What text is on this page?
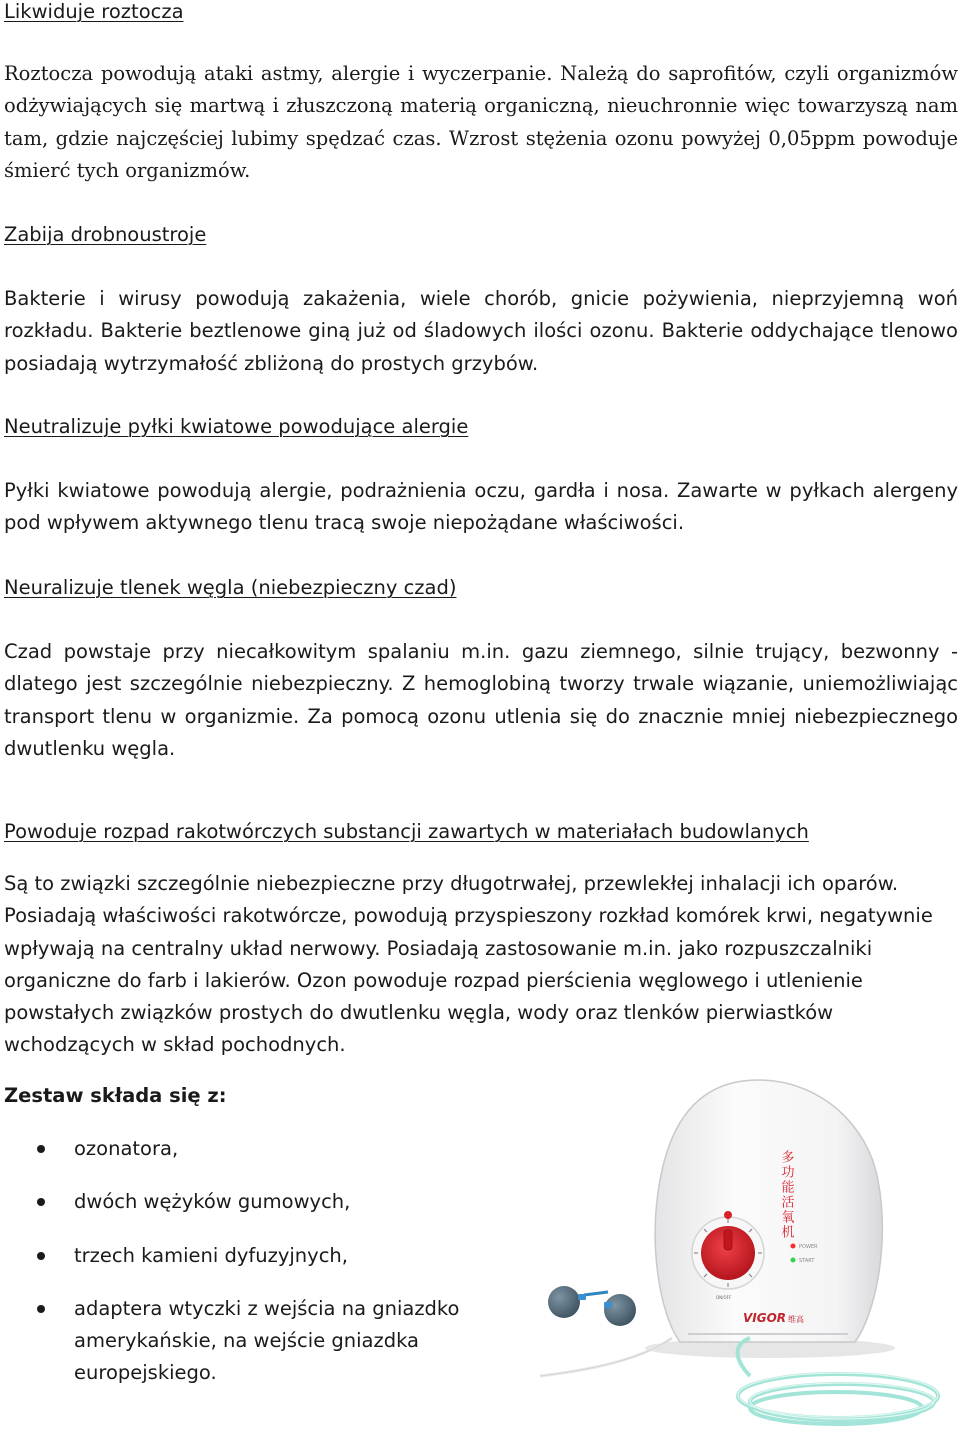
Likwiduje roztocza

Roztocza powodują ataki astmy, alergie i wyczerpanie. Należą do saprofitów, czyli organizmów odżywiających się martwą i złuszczoną materią organiczną, nieuchronnie więc towarzyszą nam tam, gdzie najczęściej lubimy spędzać czas. Wzrost stężenia ozonu powyżej 0,05ppm powoduje śmierć tych organizmów.

Zabija drobnoustroje

Bakterie i wirusy powodują zakażenia, wiele chorób, gnicie pożywienia, nieprzyjemną woń rozkładu. Bakterie beztlenowe giną już od śladowych ilości ozonu. Bakterie oddychające tlenowo posiadają wytrzymałość zbliżoną do prostych grzybów.

Neutralizuje pyłki kwiatowe powodujące alergie

Pyłki kwiatowe powodują alergie, podrażnienia oczu, gardła i nosa. Zawarte w pyłkach alergeny pod wpływem aktywnego tlenu tracą swoje niepożądane właściwości.

Neuralizuje tlenek węgla (niebezpieczny czad)

Czad powstaje przy niecałkowitym spalaniu m.in. gazu ziemnego, silnie trujący, bezwonny - dlatego jest szczególnie niebezpieczny. Z hemoglobiną tworzy trwale wiązanie, uniemożliwiając transport tlenu w organizmie. Za pomocą ozonu utlenia się do znacznie mniej niebezpiecznego dwutlenku węgla.

Powoduje rozpad rakotwórczych substancji zawartych w materiałach budowlanych

Są to związki szczególnie niebezpieczne przy długotrwałej, przewlekłej inhalacji ich oparów. Posiadają właściwości rakotwórcze, powodują przyspieszony rozkład komórek krwi, negatywnie wpływają na centralny układ nerwowy. Posiadają zastosowanie m.in. jako rozpuszczalniki organiczne do farb i lakierów. Ozon powoduje rozpad pierścienia węglowego i utlenienie powstałych związków prostych do dwutlenku węgla, wody oraz tlenków pierwiastków wchodzących w skład pochodnych.

Zestaw składa się z:
ozonatora,
dwóch wężyków gumowych,
trzech kamieni dyfuzyjnych,
adaptera wtyczki z wejścia na gniazdko amerykańskie, na wejście gniazdka europejskiego.
多功能活氧机
ON/OFF
POWER
START
VIGOR 维高
